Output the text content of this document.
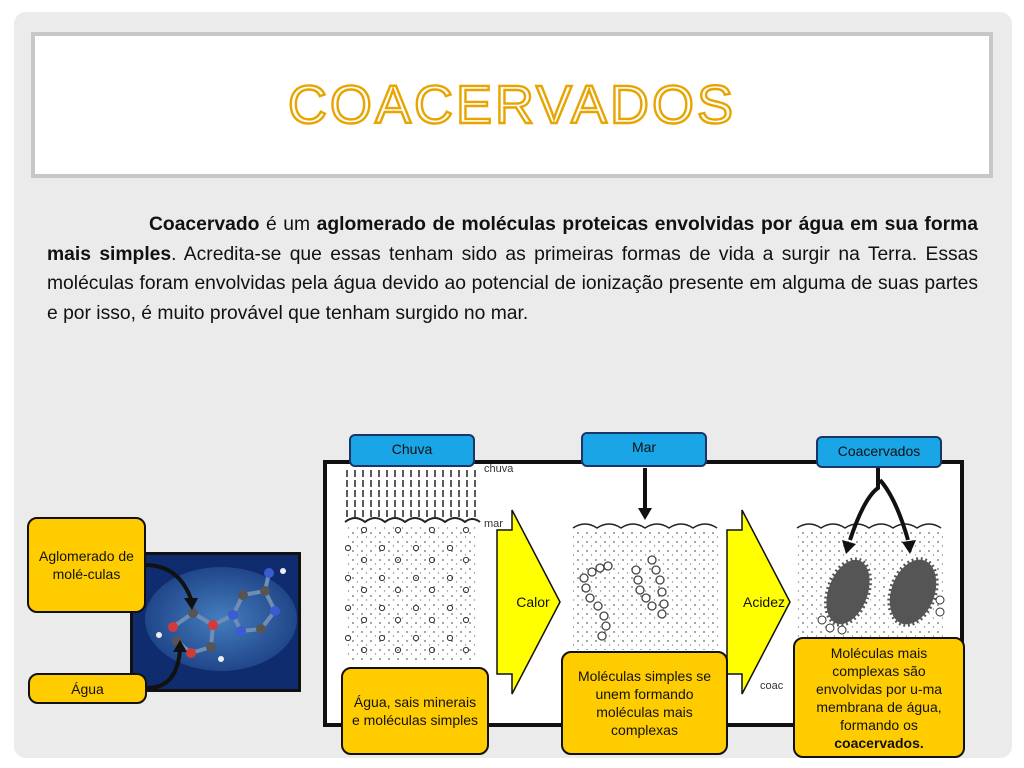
COACERVADOS

Coacervado é um aglomerado de moléculas proteicas envolvidas por água em sua forma mais simples. Acredita-se que essas tenham sido as primeiras formas de vida a surgir na Terra. Essas moléculas foram envolvidas pela água devido ao potencial de ionização presente em alguma de suas partes e por isso, é muito provável que tenham surgido no mar.

chuva
mar
coac
Chuva	Mar	Coacervados
Calor	Acidez
Água, sais minerais e moléculas simples
Moléculas simples se unem formando moléculas mais complexas
Moléculas mais complexas são envolvidas por u-ma membrana de água, formando os coacervados.
Aglomerado de molé-culas
Água
